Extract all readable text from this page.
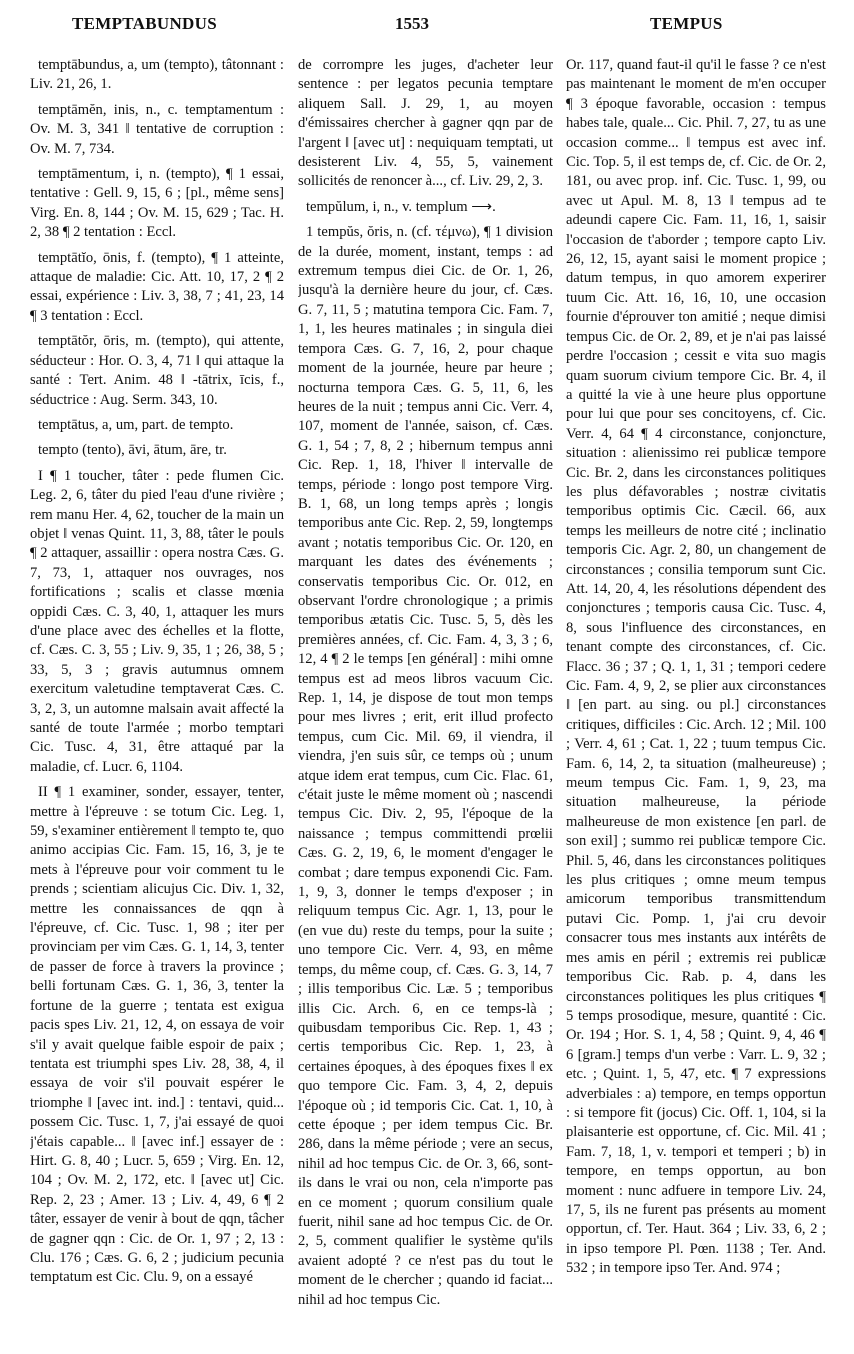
TEMPTABUNDUS	1553	TEMPUS

temptābundus, a, um (tempto), tâtonnant : Liv. 21, 26, 1.

temptāmĕn, inis, n., c. temptamentum : Ov. M. 3, 341 ‖ tentative de corruption : Ov. M. 7, 734.

temptāmentum, i, n. (tempto), ¶ 1 essai, tentative : Gell. 9, 15, 6 ; [pl., même sens] Virg. En. 8, 144 ; Ov. M. 15, 629 ; Tac. H. 2, 38 ¶ 2 tentation : Eccl.

temptātĭo, ōnis, f. (tempto), ¶ 1 atteinte, attaque de maladie: Cic. Att. 10, 17, 2 ¶ 2 essai, expérience : Liv. 3, 38, 7 ; 41, 23, 14 ¶ 3 tentation : Eccl.

temptātŏr, ōris, m. (tempto), qui attente, séducteur : Hor. O. 3, 4, 71 ‖ qui attaque la santé : Tert. Anim. 48 ‖ -tātrix, īcis, f., séductrice : Aug. Serm. 343, 10.

temptātus, a, um, part. de tempto.

tempto (tento), āvi, ātum, āre, tr.

I ¶ 1 toucher, tâter : pede flumen Cic. Leg. 2, 6, tâter du pied l'eau d'une rivière ; rem manu Her. 4, 62, toucher de la main un objet ‖ venas Quint. 11, 3, 88, tâter le pouls ¶ 2 attaquer, assaillir : opera nostra Cæs. G. 7, 73, 1, attaquer nos ouvrages, nos fortifications ; scalis et classe mœnia oppidi Cæs. C. 3, 40, 1, attaquer les murs d'une place avec des échelles et la flotte, cf. Cæs. C. 3, 55 ; Liv. 9, 35, 1 ; 26, 38, 5 ; 33, 5, 3 ; gravis autumnus omnem exercitum valetudine temptaverat Cæs. C. 3, 2, 3, un automne malsain avait affecté la santé de toute l'armée ; morbo temptari Cic. Tusc. 4, 31, être attaqué par la maladie, cf. Lucr. 6, 1104.

II ¶ 1 examiner, sonder, essayer, tenter, mettre à l'épreuve : se totum Cic. Leg. 1, 59, s'examiner entièrement ‖ tempto te, quo animo accipias Cic. Fam. 15, 16, 3, je te mets à l'épreuve pour voir comment tu le prends ; scientiam alicujus Cic. Div. 1, 32, mettre les connaissances de qqn à l'épreuve, cf. Cic. Tusc. 1, 98 ; iter per provinciam per vim Cæs. G. 1, 14, 3, tenter de passer de force à travers la province ; belli fortunam Cæs. G. 1, 36, 3, tenter la fortune de la guerre ; tentata est exigua pacis spes Liv. 21, 12, 4, on essaya de voir s'il y avait quelque faible espoir de paix ; tentata est triumphi spes Liv. 28, 38, 4, il essaya de voir s'il pouvait espérer le triomphe ‖ [avec int. ind.] : tentavi, quid... possem Cic. Tusc. 1, 7, j'ai essayé de quoi j'étais capable... ‖ [avec inf.] essayer de : Hirt. G. 8, 40 ; Lucr. 5, 659 ; Virg. En. 12, 104 ; Ov. M. 2, 172, etc. ‖ [avec ut] Cic. Rep. 2, 23 ; Amer. 13 ; Liv. 4, 49, 6 ¶ 2 tâter, essayer de venir à bout de qqn, tâcher de gagner qqn : Cic. de Or. 1, 97 ; 2, 13 : Clu. 176 ; Cæs. G. 6, 2 ; judicium pecunia temptatum est Cic. Clu. 9, on a essayé

de corrompre les juges, d'acheter leur sentence : per legatos pecunia temptare aliquem Sall. J. 29, 1, au moyen d'émissaires chercher à gagner qqn par de l'argent ‖ [avec ut] : nequiquam temptati, ut desisterent Liv. 4, 55, 5, vainement sollicités de renoncer à..., cf. Liv. 29, 2, 3.

tempŭlum, i, n., v. templum ⟶.

1 tempŭs, ŏris, n. (cf. τέμνω), ¶ 1 division de la durée, moment, instant, temps : ad extremum tempus diei Cic. de Or. 1, 26, jusqu'à la dernière heure du jour, cf. Cæs. G. 7, 11, 5 ; matutina tempora Cic. Fam. 7, 1, 1, les heures matinales ; in singula diei tempora Cæs. G. 7, 16, 2, pour chaque moment de la journée, heure par heure ; nocturna tempora Cæs. G. 5, 11, 6, les heures de la nuit ; tempus anni Cic. Verr. 4, 107, moment de l'année, saison, cf. Cæs. G. 1, 54 ; 7, 8, 2 ; hibernum tempus anni Cic. Rep. 1, 18, l'hiver ‖ intervalle de temps, période : longo post tempore Virg. B. 1, 68, un long temps après ; longis temporibus ante Cic. Rep. 2, 59, longtemps avant ; notatis temporibus Cic. Or. 120, en marquant les dates des événements ; conservatis temporibus Cic. Or. 012, en observant l'ordre chronologique ; a primis temporibus ætatis Cic. Tusc. 5, 5, dès les premières années, cf. Cic. Fam. 4, 3, 3 ; 6, 12, 4 ¶ 2 le temps [en général] : mihi omne tempus est ad meos libros vacuum Cic. Rep. 1, 14, je dispose de tout mon temps pour mes livres ; erit, erit illud profecto tempus, cum Cic. Mil. 69, il viendra, il viendra, j'en suis sûr, ce temps où ; unum atque idem erat tempus, cum Cic. Flac. 61, c'était juste le même moment où ; nascendi tempus Cic. Div. 2, 95, l'époque de la naissance ; tempus committendi prœlii Cæs. G. 2, 19, 6, le moment d'engager le combat ; dare tempus exponendi Cic. Fam. 1, 9, 3, donner le temps d'exposer ; in reliquum tempus Cic. Agr. 1, 13, pour le (en vue du) reste du temps, pour la suite ; uno tempore Cic. Verr. 4, 93, en même temps, du même coup, cf. Cæs. G. 3, 14, 7 ; illis temporibus Cic. Læ. 5 ; temporibus illis Cic. Arch. 6, en ce temps-là ; quibusdam temporibus Cic. Rep. 1, 43 ; certis temporibus Cic. Rep. 1, 23, à certaines époques, à des époques fixes ‖ ex quo tempore Cic. Fam. 3, 4, 2, depuis l'époque où ; id temporis Cic. Cat. 1, 10, à cette époque ; per idem tempus Cic. Br. 286, dans la même période ; vere an secus, nihil ad hoc tempus Cic. de Or. 3, 66, sont-ils dans le vrai ou non, cela n'importe pas en ce moment ; quorum consilium quale fuerit, nihil sane ad hoc tempus Cic. de Or. 2, 5, comment qualifier le système qu'ils avaient adopté ? ce n'est pas du tout le moment de le chercher ; quando id faciat... nihil ad hoc tempus Cic.

Or. 117, quand faut-il qu'il le fasse ? ce n'est pas maintenant le moment de m'en occuper ¶ 3 époque favorable, occasion : tempus habes tale, quale... Cic. Phil. 7, 27, tu as une occasion comme... ‖ tempus est avec inf. Cic. Top. 5, il est temps de, cf. Cic. de Or. 2, 181, ou avec prop. inf. Cic. Tusc. 1, 99, ou avec ut Apul. M. 8, 13 ‖ tempus ad te adeundi capere Cic. Fam. 11, 16, 1, saisir l'occasion de t'aborder ; tempore capto Liv. 26, 12, 15, ayant saisi le moment propice ; datum tempus, in quo amorem experirer tuum Cic. Att. 16, 16, 10, une occasion fournie d'éprouver ton amitié ; neque dimisi tempus Cic. de Or. 2, 89, et je n'ai pas laissé perdre l'occasion ; cessit e vita suo magis quam suorum civium tempore Cic. Br. 4, il a quitté la vie à une heure plus opportune pour lui que pour ses concitoyens, cf. Cic. Verr. 4, 64 ¶ 4 circonstance, conjoncture, situation : alienissimo rei publicæ tempore Cic. Br. 2, dans les circonstances politiques les plus défavorables ; nostræ civitatis temporibus optimis Cic. Cæcil. 66, aux temps les meilleurs de notre cité ; inclinatio temporis Cic. Agr. 2, 80, un changement de circonstances ; consilia temporum sunt Cic. Att. 14, 20, 4, les résolutions dépendent des conjonctures ; temporis causa Cic. Tusc. 4, 8, sous l'influence des circonstances, en tenant compte des circonstances, cf. Cic. Flacc. 36 ; 37 ; Q. 1, 1, 31 ; tempori cedere Cic. Fam. 4, 9, 2, se plier aux circonstances ‖ [en part. au sing. ou pl.] circonstances critiques, difficiles : Cic. Arch. 12 ; Mil. 100 ; Verr. 4, 61 ; Cat. 1, 22 ; tuum tempus Cic. Fam. 6, 14, 2, ta situation (malheureuse) ; meum tempus Cic. Fam. 1, 9, 23, ma situation malheureuse, la période malheureuse de mon existence [en parl. de son exil] ; summo rei publicæ tempore Cic. Phil. 5, 46, dans les circonstances politiques les plus critiques ; omne meum tempus amicorum temporibus transmittendum putavi Cic. Pomp. 1, j'ai cru devoir consacrer tous mes instants aux intérêts de mes amis en péril ; extremis rei publicæ temporibus Cic. Rab. p. 4, dans les circonstances politiques les plus critiques ¶ 5 temps prosodique, mesure, quantité : Cic. Or. 194 ; Hor. S. 1, 4, 58 ; Quint. 9, 4, 46 ¶ 6 [gram.] temps d'un verbe : Varr. L. 9, 32 ; etc. ; Quint. 1, 5, 47, etc. ¶ 7 expressions adverbiales : a) tempore, en temps opportun : si tempore fit (jocus) Cic. Off. 1, 104, si la plaisanterie est opportune, cf. Cic. Mil. 41 ; Fam. 7, 18, 1, v. tempori et temperi ; b) in tempore, en temps opportun, au bon moment : nunc adfuere in tempore Liv. 24, 17, 5, ils ne furent pas présents au moment opportun, cf. Ter. Haut. 364 ; Liv. 33, 6, 2 ; in ipso tempore Pl. Pœn. 1138 ; Ter. And. 532 ; in tempore ipso Ter. And. 974 ;
